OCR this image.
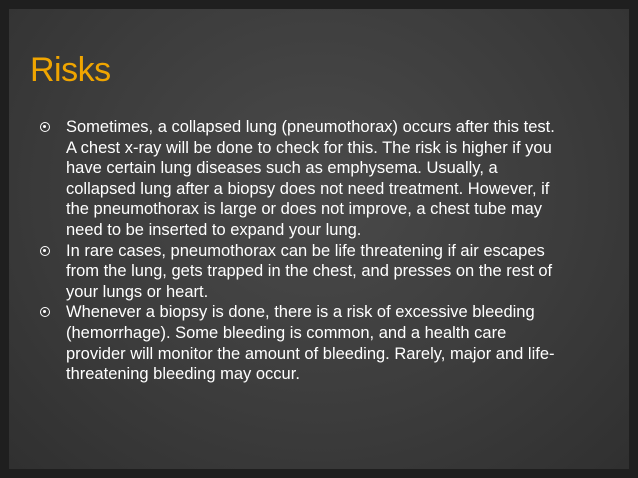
Risks
Sometimes, a collapsed lung (pneumothorax) occurs after this test. A chest x-ray will be done to check for this. The risk is higher if you have certain lung diseases such as emphysema. Usually, a collapsed lung after a biopsy does not need treatment. However, if the pneumothorax is large or does not improve, a chest tube may need to be inserted to expand your lung.
In rare cases, pneumothorax can be life threatening if air escapes from the lung, gets trapped in the chest, and presses on the rest of your lungs or heart.
Whenever a biopsy is done, there is a risk of excessive bleeding (hemorrhage). Some bleeding is common, and a health care provider will monitor the amount of bleeding. Rarely, major and life-threatening bleeding may occur.
